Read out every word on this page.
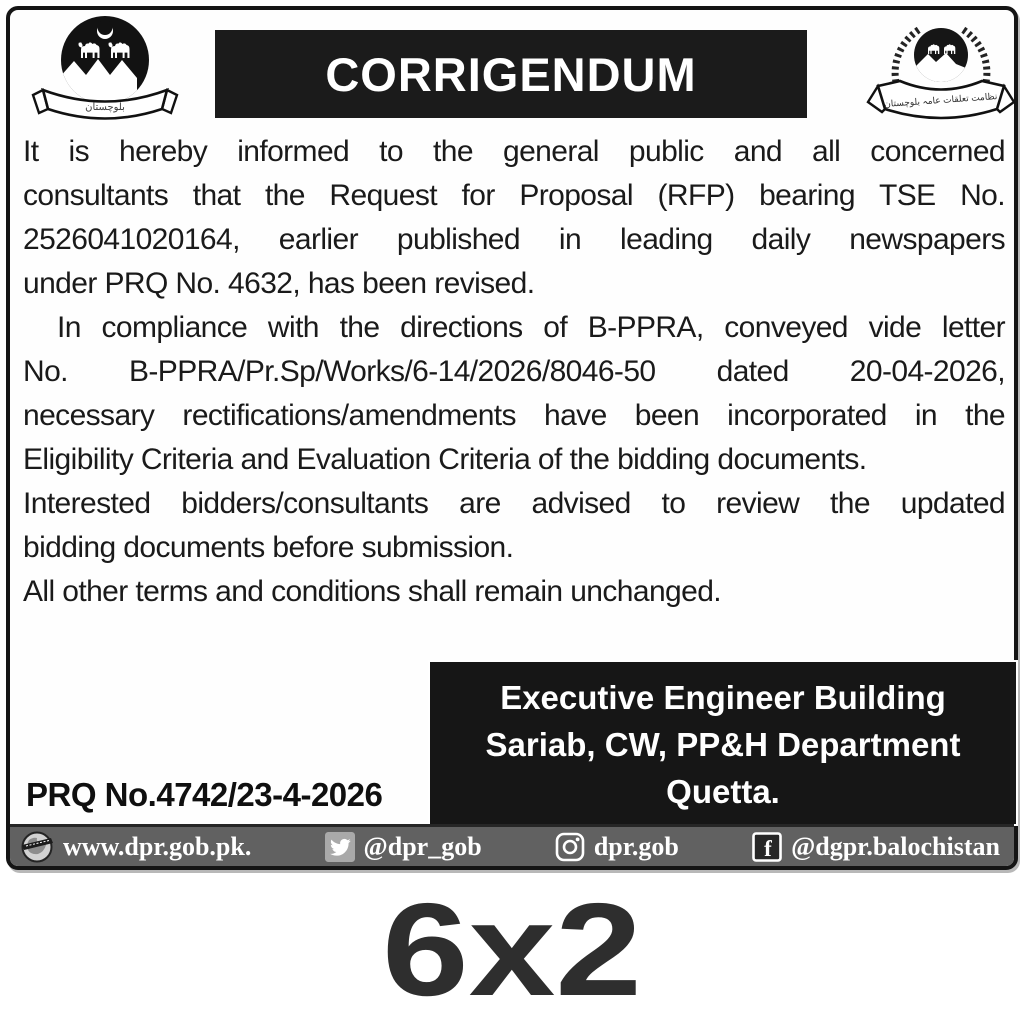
بلوچستان
CORRIGENDUM	نظامت تعلقات عامہ بلوچستان
It is hereby informed to the general public and all concerned
consultants that the Request for Proposal (RFP) bearing TSE No.
2526041020164, earlier published in leading daily newspapers
under PRQ No. 4632, has been revised.
In compliance with the directions of B-PPRA, conveyed vide letter
No. B-PPRA/Pr.Sp/Works/6-14/2026/8046-50 dated 20-04-2026,
necessary rectifications/amendments have been incorporated in the
Eligibility Criteria and Evaluation Criteria of the bidding documents.
Interested bidders/consultants are advised to review the updated
bidding documents before submission.
All other terms and conditions shall remain unchanged.
Executive Engineer Building
Sariab, CW, PP&H Department
Quetta.
PRQ No.4742/23-4-2026
www.dpr.gob.pk.	@dpr_gob	dpr.gob	f @dgpr.balochistan
6x2
